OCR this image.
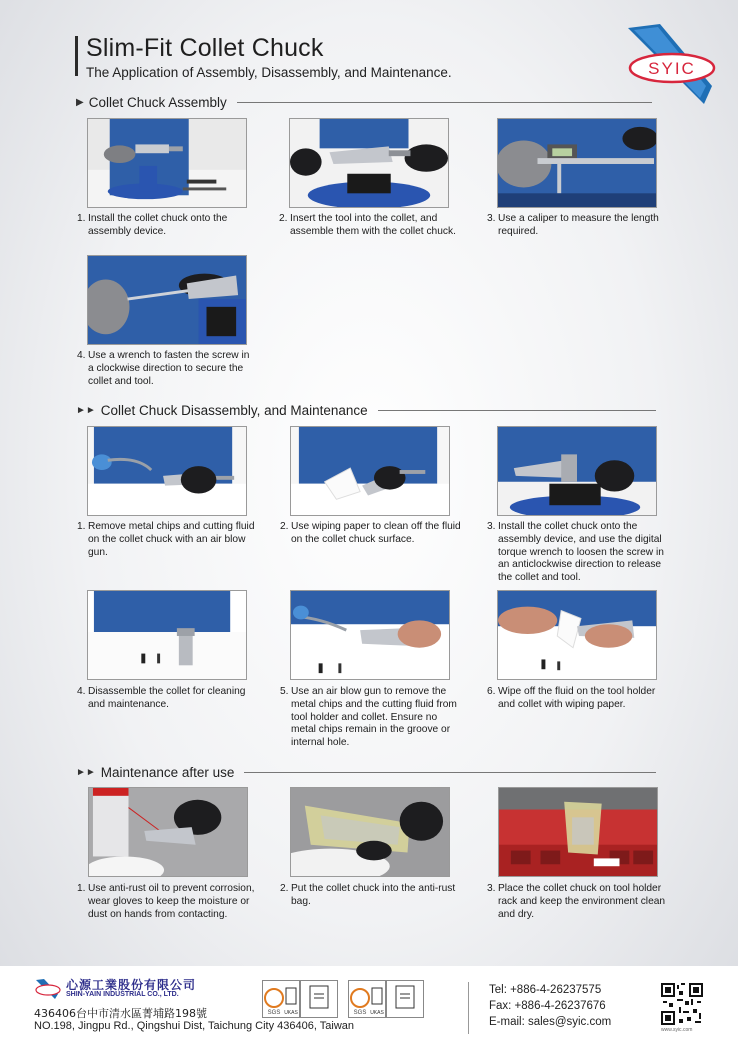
Slim-Fit Collet Chuck
The Application of Assembly, Disassembly, and Maintenance.	SYIC
▶ Collet Chuck Assembly
1. Install the collet chuck onto the assembly device.
2. Insert the tool into the collet, and assemble them with the collet chuck.
3. Use a caliper to measure the length required.
4. Use a wrench to fasten the screw in a clockwise direction to secure the collet and tool.
►► Collet Chuck Disassembly, and Maintenance
1. Remove metal chips and cutting fluid on the collet chuck with an air blow gun.
2. Use wiping paper to clean off the fluid on the collet chuck surface.
3. Install the collet chuck onto the assembly device, and use the digital torque wrench to loosen the screw in an anticlockwise direction to release the collet and tool.
4. Disassemble the collet for cleaning and maintenance.
5. Use an air blow gun to remove the metal chips and the cutting fluid from tool holder and collet. Ensure no metal chips remain in the groove or internal hole.
6. Wipe off the fluid on the tool holder and collet with wiping paper.
►► Maintenance after use
1. Use anti-rust oil to prevent corrosion, wear gloves to keep the moisture or dust on hands from contacting.
2. Put the collet chuck into the anti-rust bag.
3. Place the collet chuck on tool holder rack and keep the environment clean and dry.
心源工業股份有限公司
SHIN-YAIN INDUSTRIAL CO., LTD.
436406台中市清水區菁埔路198號
NO.198, Jingpu Rd., Qingshui Dist, Taichung City 436406, Taiwan
SGS UKAS	SGS UKAS
Tel: +886-4-26237575
Fax: +886-4-26237676
E-mail: sales@syic.com
www.syic.com
